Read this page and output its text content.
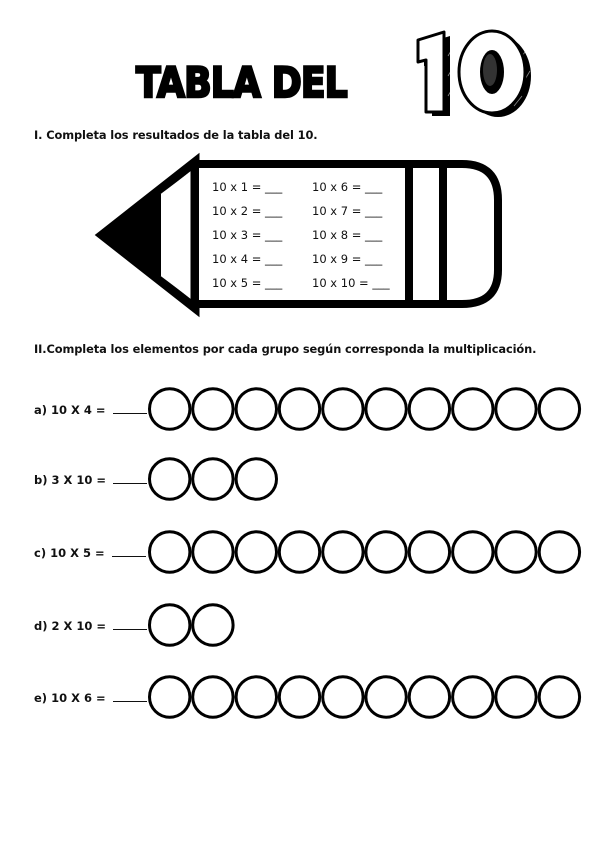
TABLA DEL
I. Completa los resultados de la tabla del 10.
10 x 1 = ___
10 x 2 = ___
10 x 3 = ___
10 x 4 = ___
10 x 5 = ___
10 x 6 = ___
10 x 7 = ___
10 x 8 = ___
10 x 9 = ___
10 x 10 = ___
II.Completa los elementos por cada grupo según corresponda la multiplicación.
a) 10 X 4 =
b) 3 X 10 =
c) 10 X 5 =
d) 2 X 10 =
e) 10 X 6 =
